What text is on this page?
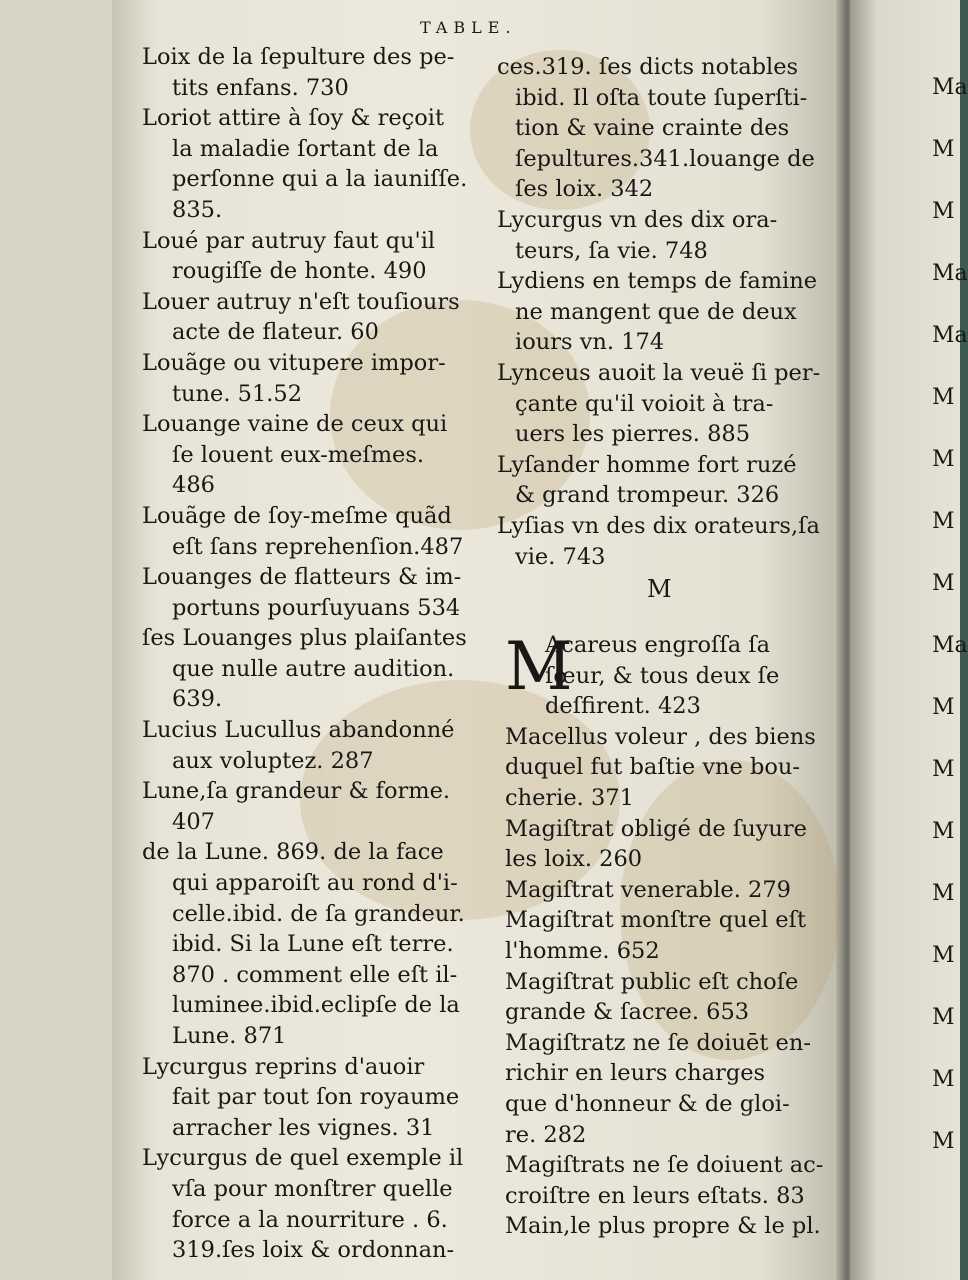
TABLE.
Loix de la ſepulture des pe-
tits enfans. 730
Loriot attire à ſoy & reçoit
la maladie ſortant de la
perſonne qui a la iauniſſe.
835.
Loué par autruy faut qu'il
rougiſſe de honte. 490
Louer autruy n'eſt touſiours
acte de flateur. 60
Louãge ou vitupere impor-
tune. 51.52
Louange vaine de ceux qui
ſe louent eux-meſmes.
486
Louãge de ſoy-meſme quãd
eſt ſans reprehenſion.487
Louanges de flatteurs & im-
portuns pourſuyuans 534
ſes Louanges plus plaiſantes
que nulle autre audition.
639.
Lucius Lucullus abandonné
aux voluptez. 287
Lune,ſa grandeur & forme.
407
de la Lune. 869. de la face
qui apparoiſt au rond d'i-
celle.ibid. de ſa grandeur.
ibid. Si la Lune eſt terre.
870 . comment elle eſt il-
luminee.ibid.eclipſe de la
Lune. 871
Lycurgus reprins d'auoir
fait par tout ſon royaume
arracher les vignes. 31
Lycurgus de quel exemple il
vſa pour monſtrer quelle
force a la nourriture . 6.
319.ſes loix & ordonnan-
ces.319. ſes dicts notables
ibid. Il oſta toute ſuperſti-
tion & vaine crainte des
ſepultures.341.louange de
ſes loix. 342
Lycurgus vn des dix ora-
teurs, ſa vie. 748
Lydiens en temps de famine
ne mangent que de deux
iours vn. 174
Lynceus auoit la veuë ſi per-
çante qu'il voioit à tra-
uers les pierres. 885
Lyſander homme fort ruzé
& grand trompeur. 326
Lyſias vn des dix orateurs,ſa
vie. 743
M
M
Acareus engroſſa ſa
ſœur, & tous deux ſe
deſfirent. 423
Macellus voleur , des biens
duquel fut baſtie vne bou-
cherie. 371
Magiſtrat obligé de ſuyure
les loix. 260
Magiſtrat venerable. 279
Magiſtrat monſtre quel eſt
l'homme. 652
Magiſtrat public eſt choſe
grande & ſacree. 653
Magiſtratz ne ſe doiuēt en-
richir en leurs charges
que d'honneur & de gloi-
re. 282
Magiſtrats ne ſe doiuent ac-
croiſtre en leurs eſtats. 83
Main,le plus propre & le pl.
Ma
M
M
Ma
Ma
M
M
M
M
Ma
M
M
M
M
M
M
M
M
